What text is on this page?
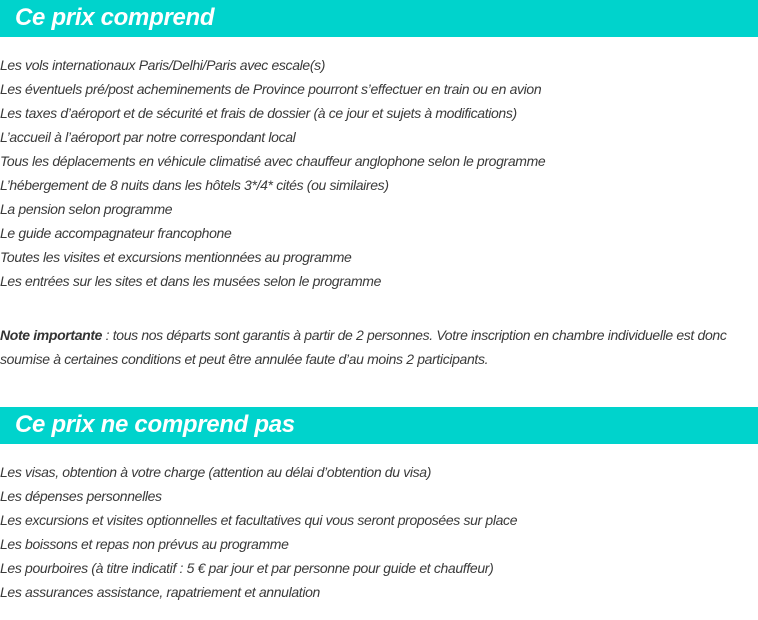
Ce prix comprend
Les vols internationaux Paris/Delhi/Paris avec escale(s)
Les éventuels pré/post acheminements de Province pourront s’effectuer en train ou en avion
Les taxes d’aéroport et de sécurité et frais de dossier (à ce jour et sujets à modifications)
L’accueil à l’aéroport par notre correspondant local
Tous les déplacements en véhicule climatisé avec chauffeur anglophone selon le programme
L’hébergement de 8 nuits dans les hôtels 3*/4* cités (ou similaires)
La pension selon programme
Le guide accompagnateur francophone
Toutes les visites et excursions mentionnées au programme
Les entrées sur les sites et dans les musées selon le programme

Note importante : tous nos départs sont garantis à partir de 2 personnes. Votre inscription en chambre individuelle est donc soumise à certaines conditions et peut être annulée faute d’au moins 2 participants.

Ce prix ne comprend pas
Les visas, obtention à votre charge (attention au délai d’obtention du visa)
Les dépenses personnelles
Les excursions et visites optionnelles et facultatives qui vous seront proposées sur place
Les boissons et repas non prévus au programme
Les pourboires (à titre indicatif : 5 € par jour et par personne pour guide et chauffeur)
Les assurances assistance, rapatriement et annulation
